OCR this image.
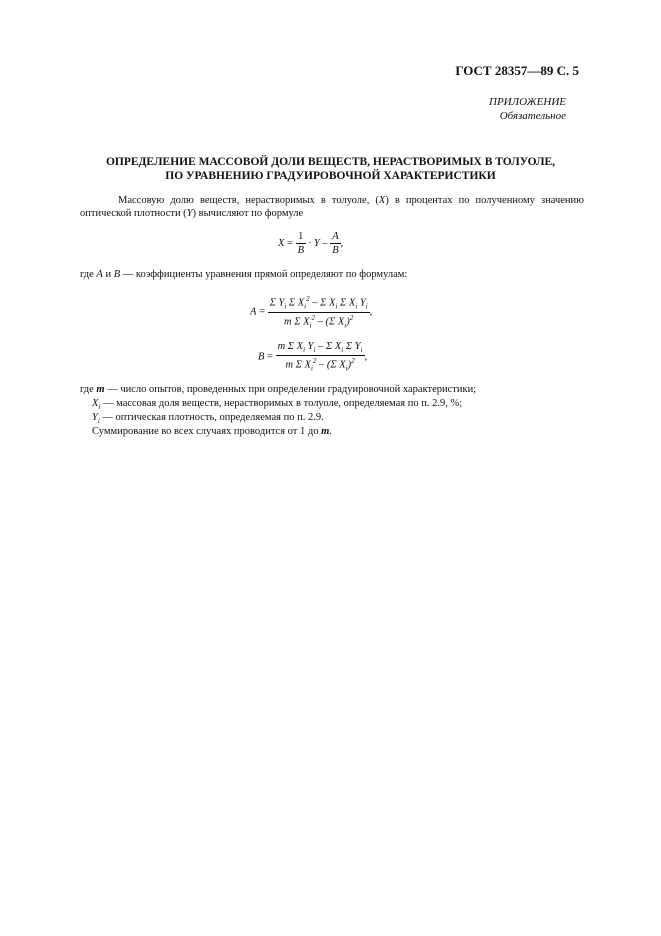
ГОСТ 28357—89 С. 5
ПРИЛОЖЕНИЕ
Обязательное
ОПРЕДЕЛЕНИЕ МАССОВОЙ ДОЛИ ВЕЩЕСТВ, НЕРАСТВОРИМЫХ В ТОЛУОЛЕ,
ПО УРАВНЕНИЮ ГРАДУИРОВОЧНОЙ ХАРАКТЕРИСТИКИ
Массовую долю веществ, нерастворимых в толуоле, (X) в процентах по полученному значению оптической плотности (Y) вычисляют по формуле
$X = \frac{1}{B} \cdot Y - \frac{A}{B}$ ,
где A и B — коэффициенты уравнения прямой определяют по формулам:
$A = \frac{\Sigma Y_i \Sigma X_i^2 - \Sigma X_i \Sigma X_i Y_i}{m \Sigma X_i^2 - (\Sigma X_i)^2}$ ,
$B = \frac{m \Sigma X_i Y_i - \Sigma X_i \Sigma Y_i}{m \Sigma X_i^2 - (\Sigma X_i)^2}$ ,
где m — число опытов, проведенных при определении градуировочной характеристики;
$X_i$ — массовая доля веществ, нерастворимых в толуоле, определяемая по п. 2.9, %;
$Y_i$ — оптическая плотность, определяемая по п. 2.9.
Суммирование во всех случаях проводится от 1 до m.
